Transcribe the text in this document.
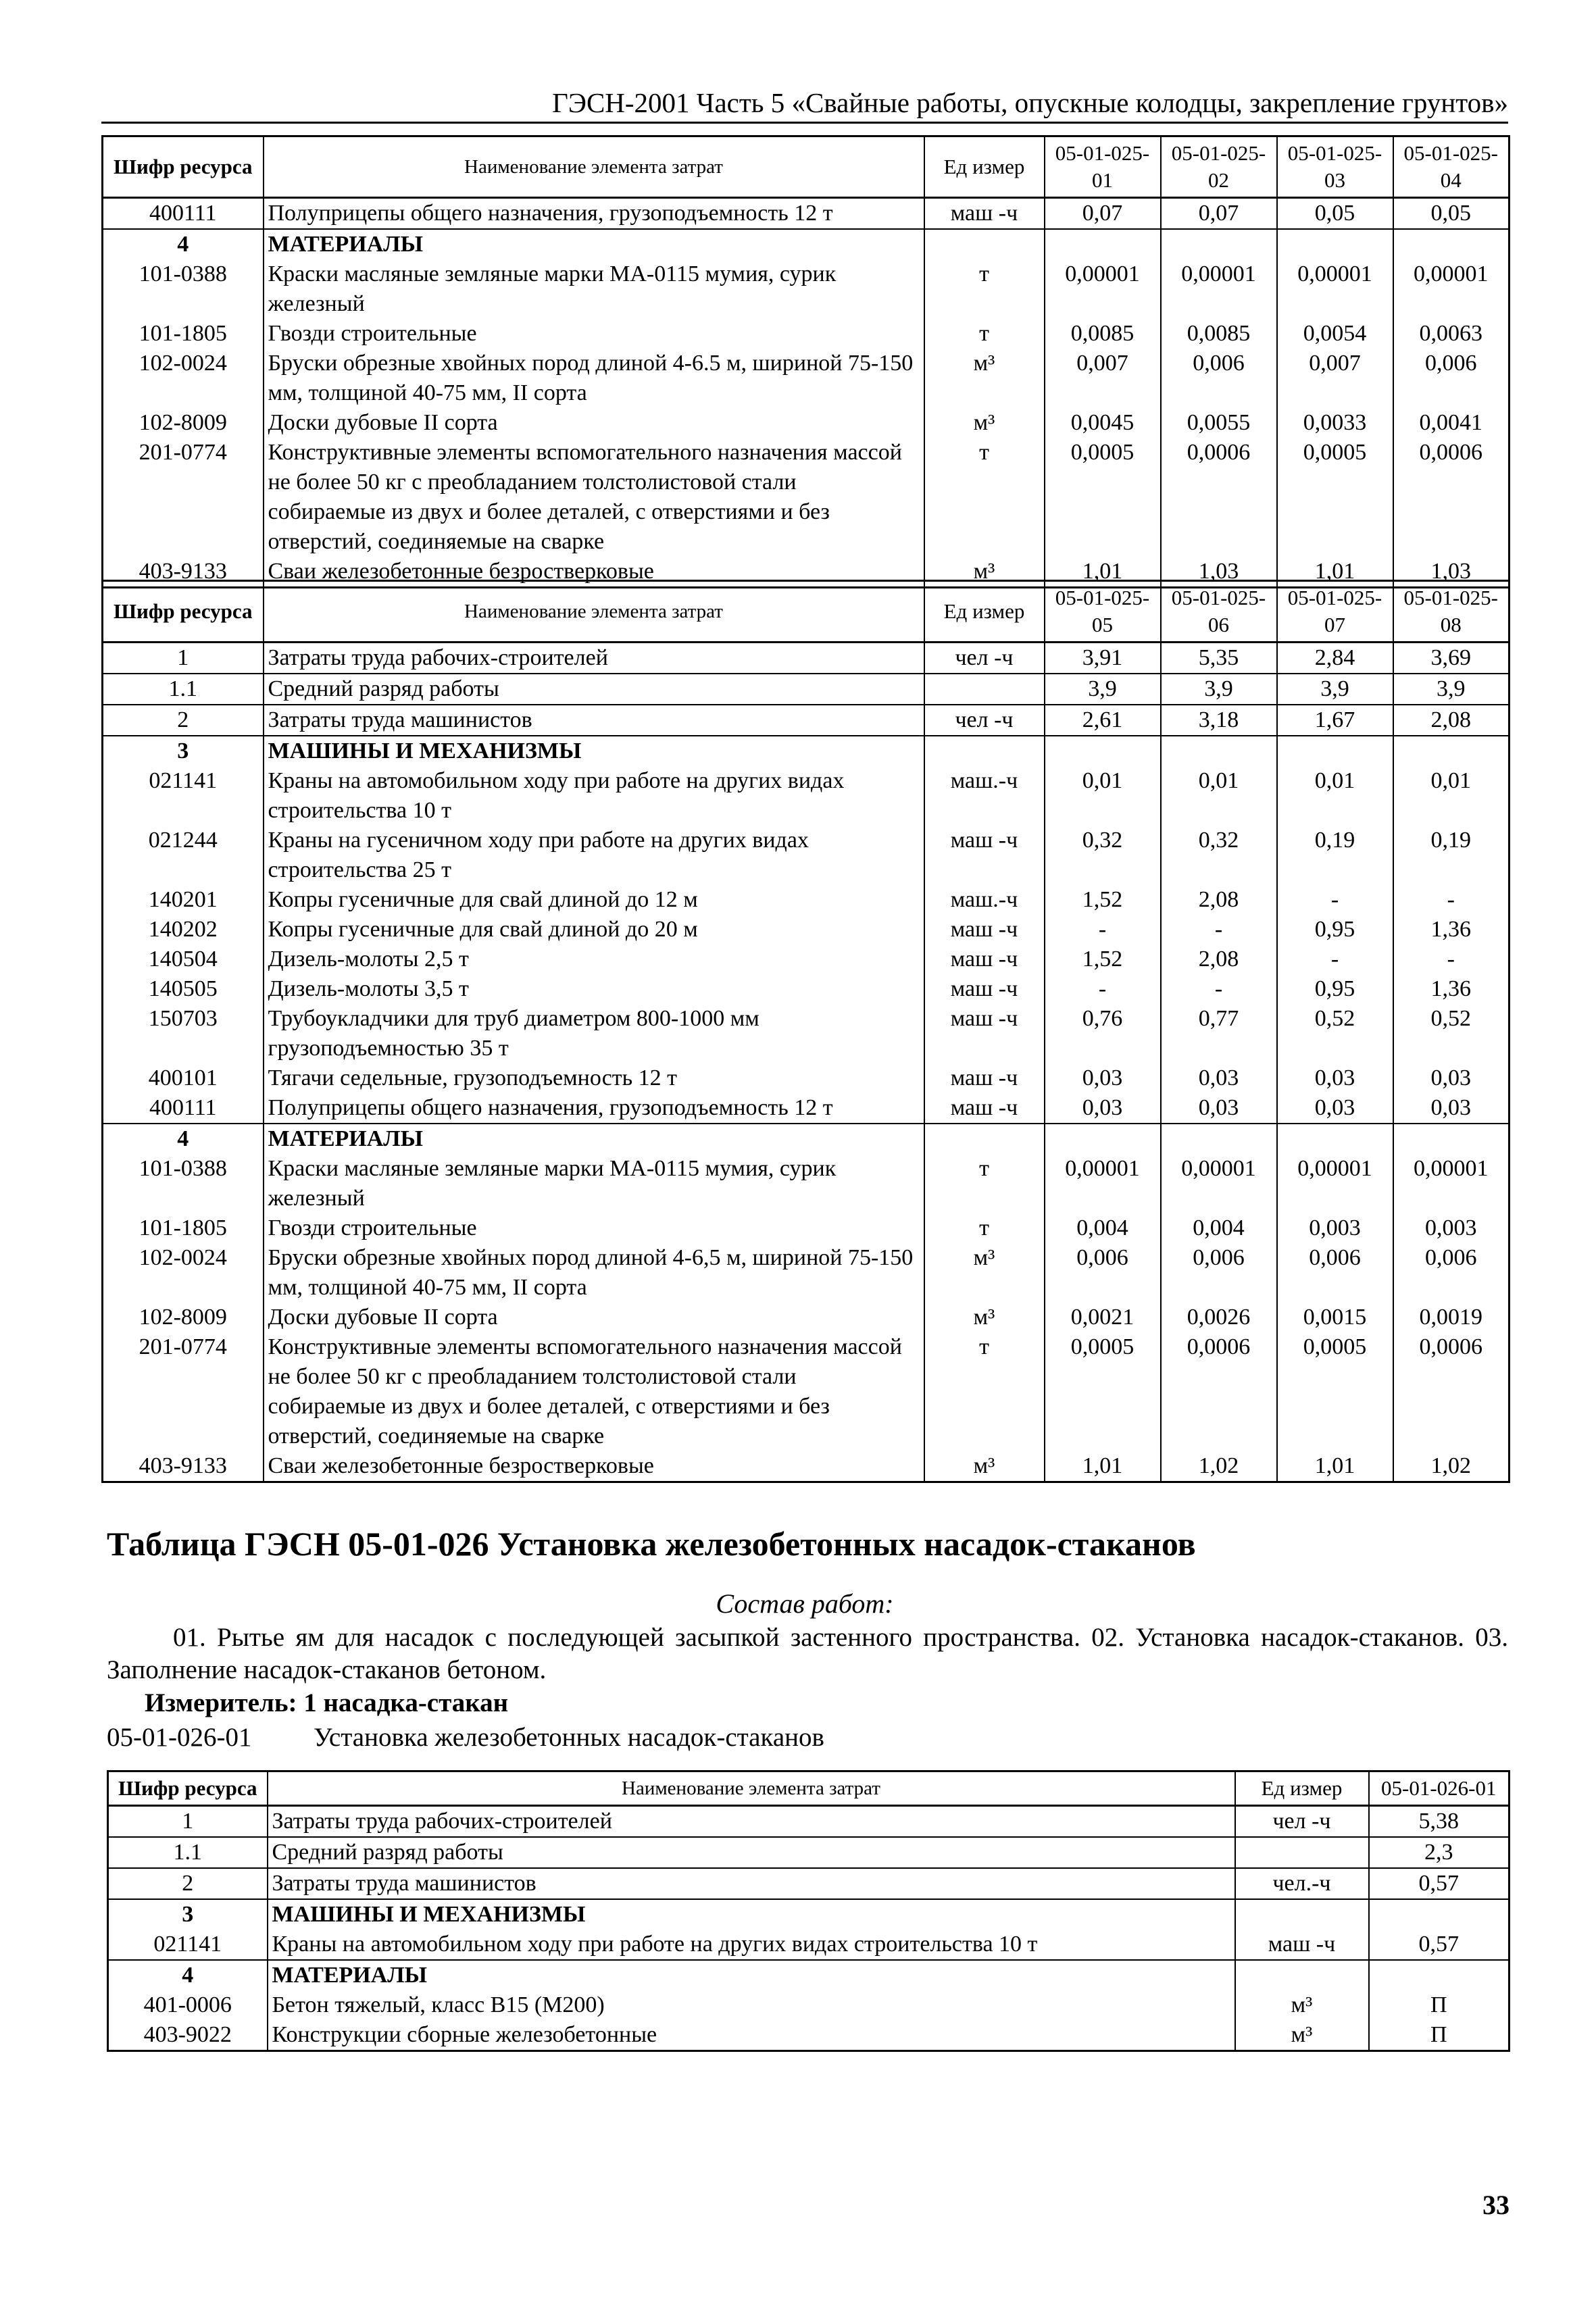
ГЭСН-2001 Часть 5 «Свайные работы, опускные колодцы, закрепление грунтов»
Шифр ресурса	Наименование элемента затрат	Ед измер	05-01-025-01	05-01-025-02	05-01-025-03	05-01-025-04
400111	Полуприцепы общего назначения, грузоподъемность 12 т	маш -ч	0,07	0,07	0,05	0,05
4	МАТЕРИАЛЫ					
101-0388	Краски масляные земляные марки МА-0115 мумия, сурик железный	т	0,00001	0,00001	0,00001	0,00001
101-1805	Гвозди строительные	т	0,0085	0,0085	0,0054	0,0063
102-0024	Бруски обрезные хвойных пород длиной 4-6.5 м, шириной 75-150 мм, толщиной 40-75 мм, II сорта	м³	0,007	0,006	0,007	0,006
102-8009	Доски дубовые II сорта	м³	0,0045	0,0055	0,0033	0,0041
201-0774	Конструктивные элементы вспомогательного назначения массой не более 50 кг с преобладанием толстолистовой стали собираемые из двух и более деталей, с отверстиями и без отверстий, соединяемые на сварке	т	0,0005	0,0006	0,0005	0,0006
403-9133	Сваи железобетонные безростверковые	м³	1,01	1,03	1,01	1,03
Шифр ресурса	Наименование элемента затрат	Ед измер	05-01-025-05	05-01-025-06	05-01-025-07	05-01-025-08
1	Затраты труда рабочих-строителей	чел -ч	3,91	5,35	2,84	3,69
1.1	Средний разряд работы		3,9	3,9	3,9	3,9
2	Затраты труда машинистов	чел -ч	2,61	3,18	1,67	2,08
3	МАШИНЫ И МЕХАНИЗМЫ					
021141	Краны на автомобильном ходу при работе на других видах строительства 10 т	маш.-ч	0,01	0,01	0,01	0,01
021244	Краны на гусеничном ходу при работе на других видах строительства 25 т	маш -ч	0,32	0,32	0,19	0,19
140201	Копры гусеничные для свай длиной до 12 м	маш.-ч	1,52	2,08	-	-
140202	Копры гусеничные для свай длиной до 20 м	маш -ч	-	-	0,95	1,36
140504	Дизель-молоты 2,5 т	маш -ч	1,52	2,08	-	-
140505	Дизель-молоты 3,5 т	маш -ч	-	-	0,95	1,36
150703	Трубоукладчики для труб диаметром 800-1000 мм грузоподъемностью 35 т	маш -ч	0,76	0,77	0,52	0,52
400101	Тягачи седельные, грузоподъемность 12 т	маш -ч	0,03	0,03	0,03	0,03
400111	Полуприцепы общего назначения, грузоподъемность 12 т	маш -ч	0,03	0,03	0,03	0,03
4	МАТЕРИАЛЫ					
101-0388	Краски масляные земляные марки МА-0115 мумия, сурик железный	т	0,00001	0,00001	0,00001	0,00001
101-1805	Гвозди строительные	т	0,004	0,004	0,003	0,003
102-0024	Бруски обрезные хвойных пород длиной 4-6,5 м, шириной 75-150 мм, толщиной 40-75 мм, II сорта	м³	0,006	0,006	0,006	0,006
102-8009	Доски дубовые II сорта	м³	0,0021	0,0026	0,0015	0,0019
201-0774	Конструктивные элементы вспомогательного назначения массой не более 50 кг с преобладанием толстолистовой стали собираемые из двух и более деталей, с отверстиями и без отверстий, соединяемые на сварке	т	0,0005	0,0006	0,0005	0,0006
403-9133	Сваи железобетонные безростверковые	м³	1,01	1,02	1,01	1,02
Таблица ГЭСН 05-01-026 Установка железобетонных насадок-стаканов
Состав работ:
01. Рытье ям для насадок с последующей засыпкой застенного пространства. 02. Установка насадок-стаканов. 03. Заполнение насадок-стаканов бетоном.
Измеритель: 1 насадка-стакан
05-01-026-01 Установка железобетонных насадок-стаканов
Шифр ресурса	Наименование элемента затрат	Ед измер	05-01-026-01
1	Затраты труда рабочих-строителей	чел -ч	5,38
1.1	Средний разряд работы		2,3
2	Затраты труда машинистов	чел.-ч	0,57
3	МАШИНЫ И МЕХАНИЗМЫ		
021141	Краны на автомобильном ходу при работе на других видах строительства 10 т	маш -ч	0,57
4	МАТЕРИАЛЫ		
401-0006	Бетон тяжелый, класс В15 (М200)	м³	П
403-9022	Конструкции сборные железобетонные	м³	П
33
